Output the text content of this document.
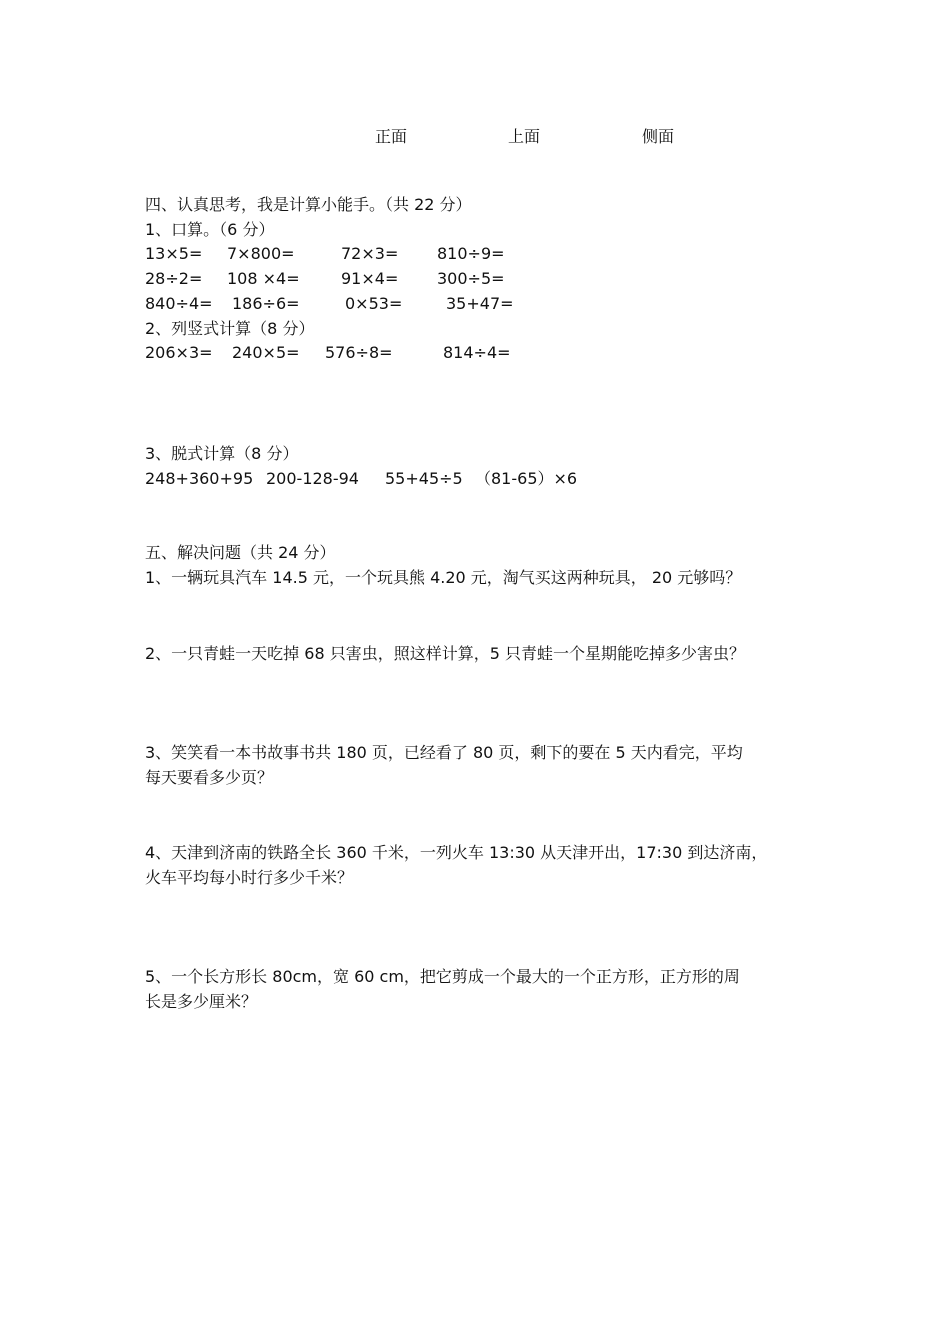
正面	上面	侧面
四、认真思考，我是计算小能手。（共 22 分）
1、口算。（6 分）
13×5= 7×800=	72×3= 810÷9=
28÷2= 108 ×4=	91×4= 300÷5=
840÷4= 186÷6=	0×53=	35+47=
2、列竖式计算（8 分）
206×3= 240×5= 576÷8=	814÷4=
3、脱式计算（8 分）
248+360+95 200-128-94 55+45÷5 （81-65）×6
五、解决问题（共 24 分）
1、一辆玩具汽车 14.5 元，一个玩具熊 4.20 元，淘气买这两种玩具， 20 元够吗？
2、一只青蛙一天吃掉 68 只害虫，照这样计算，5 只青蛙一个星期能吃掉多少害虫？
3、笑笑看一本书故事书共 180 页，已经看了 80 页，剩下的要在 5 天内看完，平均
每天要看多少页？
4、天津到济南的铁路全长 360 千米，一列火车 13:30 从天津开出，17:30 到达济南，
火车平均每小时行多少千米？
5、一个长方形长 80cm，宽 60 cm，把它剪成一个最大的一个正方形，正方形的周
长是多少厘米？
